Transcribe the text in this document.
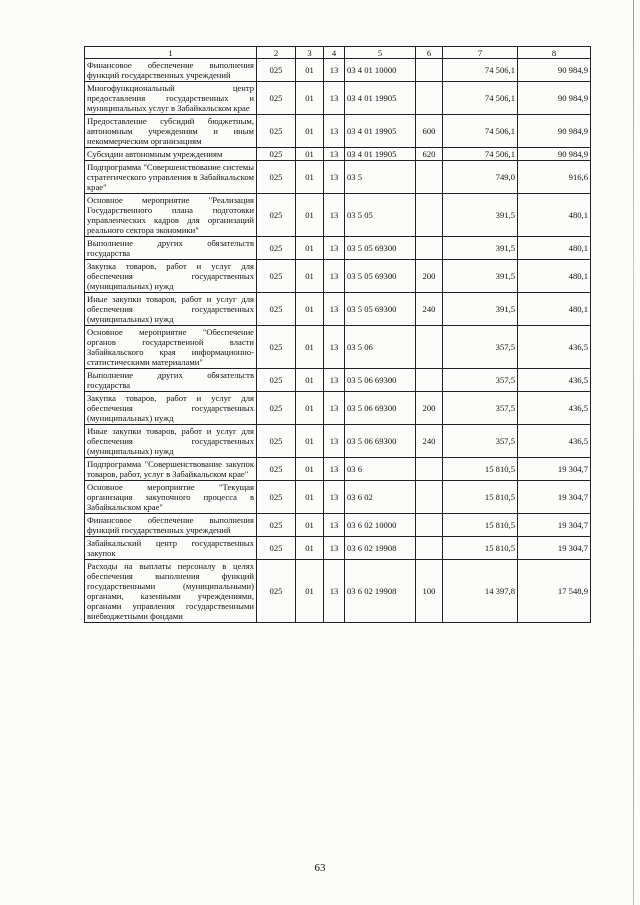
1	2	3	4	5	6	7	8
Финансовое обеспечение выполнения функций государственных учреждений	025	01	13	03 4 01 10000		74 506,1	90 984,9
Многофункциональный центр предоставления государственных и муниципальных услуг в Забайкальском крае	025	01	13	03 4 01 19905		74 506,1	90 984,9
Предоставление субсидий бюджетным, автономным учреждениям и иным некоммерческим организациям	025	01	13	03 4 01 19905	600	74 506,1	90 984,9
Субсидии автономным учреждениям	025	01	13	03 4 01 19905	620	74 506,1	90 984,9
Подпрограмма "Совершенствование системы стратегического управления в Забайкальском крае"	025	01	13	03 5		749,0	916,6
Основное мероприятие "Реализация Государственного плана подготовки управленческих кадров для организаций реального сектора экономики"	025	01	13	03 5 05		391,5	480,1
Выполнение других обязательств государства	025	01	13	03 5 05 69300		391,5	480,1
Закупка товаров, работ и услуг для обеспечения государственных (муниципальных) нужд	025	01	13	03 5 05 69300	200	391,5	480,1
Иные закупки товаров, работ и услуг для обеспечения государственных (муниципальных) нужд	025	01	13	03 5 05 69300	240	391,5	480,1
Основное мероприятие "Обеспечение органов государственной власти Забайкальского края информационно-статистическими материалами"	025	01	13	03 5 06		357,5	436,5
Выполнение других обязательств государства	025	01	13	03 5 06 69300		357,5	436,5
Закупка товаров, работ и услуг для обеспечения государственных (муниципальных) нужд	025	01	13	03 5 06 69300	200	357,5	436,5
Иные закупки товаров, работ и услуг для обеспечения государственных (муниципальных) нужд	025	01	13	03 5 06 69300	240	357,5	436,5
Подпрограмма "Совершенствование закупок товаров, работ, услуг в Забайкальском крае"	025	01	13	03 6		15 810,5	19 304,7
Основное мероприятие "Текущая организация закупочного процесса в Забайкальском крае"	025	01	13	03 6 02		15 810,5	19 304,7
Финансовое обеспечение выполнения функций государственных учреждений	025	01	13	03 6 02 10000		15 810,5	19 304,7
Забайкальский центр государственных закупок	025	01	13	03 6 02 19908		15 810,5	19 304,7
Расходы на выплаты персоналу в целях обеспечения выполнения функций государственными (муниципальными) органами, казенными учреждениями, органами управления государственными внебюджетными фондами	025	01	13	03 6 02 19908	100	14 397,8	17 548,9
63
